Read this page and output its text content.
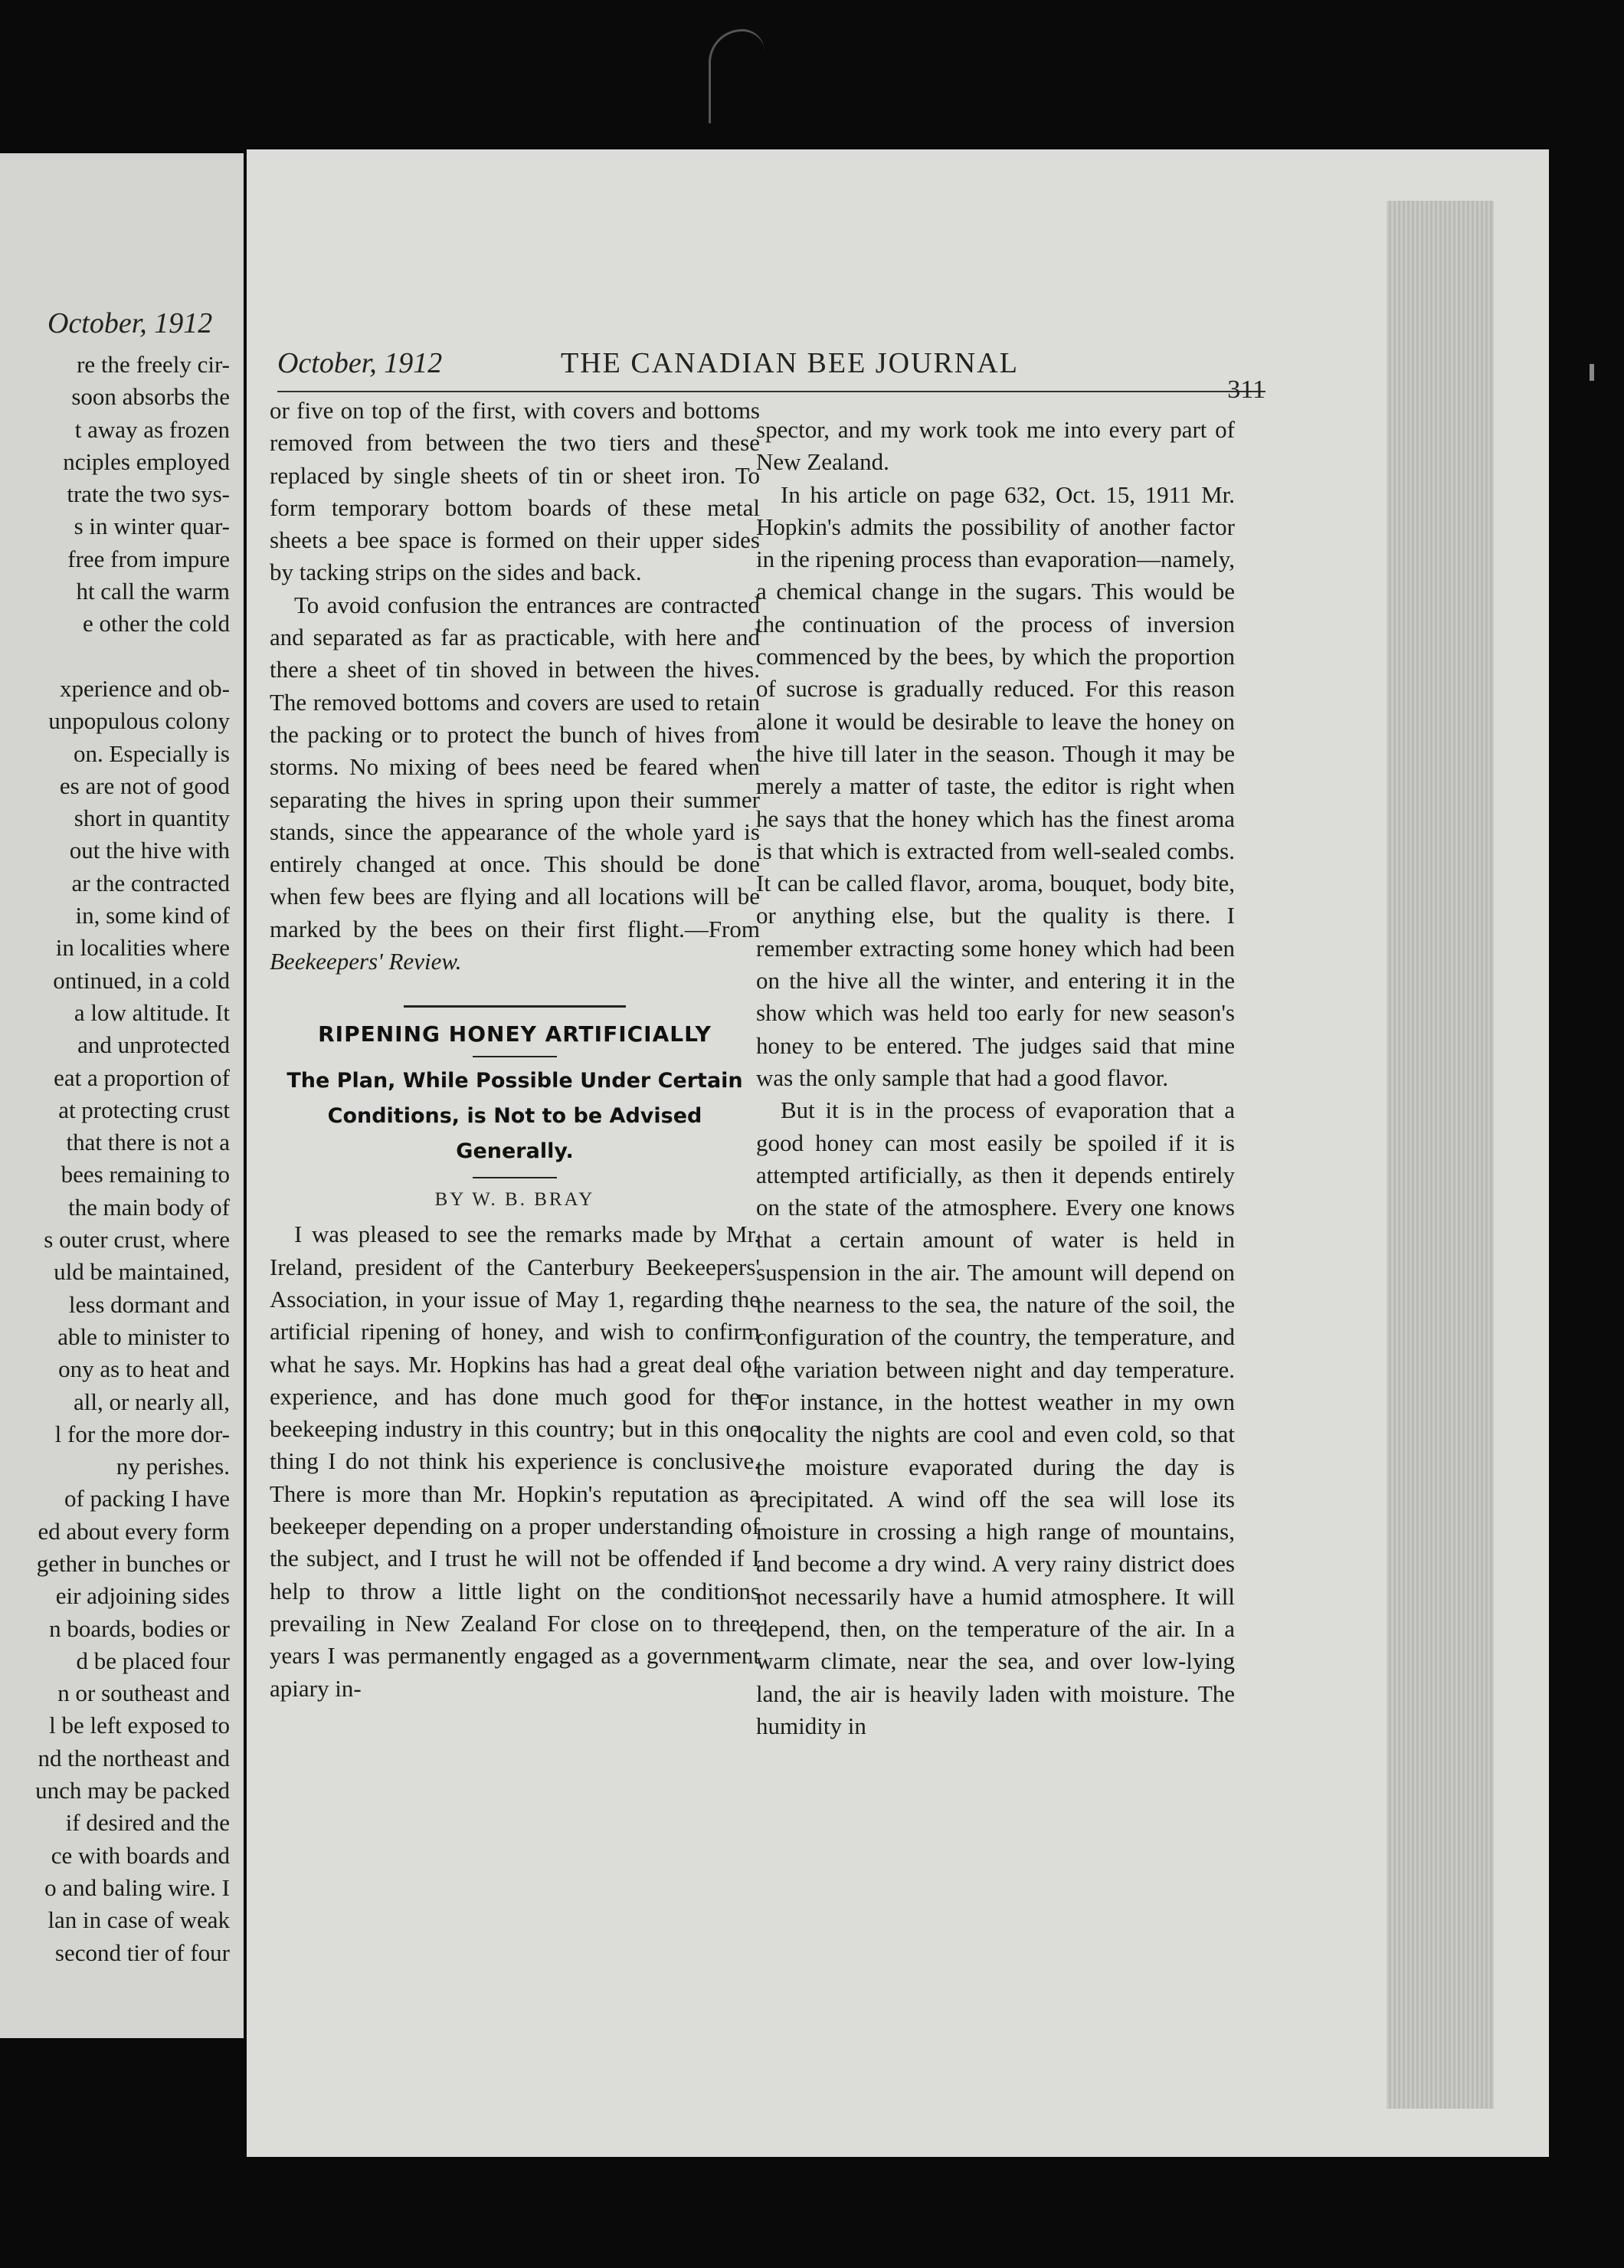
October, 1912
re the freely cir-
soon absorbs the
t away as frozen
nciples employed
trate the two sys-
s in winter quar-
free from impure
ht call the warm
e other the cold

xperience and ob-
unpopulous colony
on. Especially is
es are not of good
short in quantity
out the hive with
ar the contracted
in, some kind of
in localities where
ontinued, in a cold
a low altitude. It
and unprotected
eat a proportion of
at protecting crust
that there is not a
bees remaining to
the main body of
s outer crust, where
uld be maintained,
less dormant and
able to minister to
ony as to heat and
all, or nearly all,
l for the more dor-
ny perishes.
of packing I have
ed about every form
gether in bunches or
eir adjoining sides
n boards, bodies or
d be placed four
n or southeast and
l be left exposed to
nd the northeast and
unch may be packed
if desired and the
ce with boards and
o and baling wire. I
lan in case of weak
second tier of four
October, 1912	THE CANADIAN BEE JOURNAL
311

or five on top of the first, with covers and bottoms removed from between the two tiers and these replaced by single sheets of tin or sheet iron. To form temporary bottom boards of these metal sheets a bee space is formed on their upper sides by tacking strips on the sides and back.

To avoid confusion the entrances are contracted and separated as far as practicable, with here and there a sheet of tin shoved in between the hives. The removed bottoms and covers are used to retain the packing or to protect the bunch of hives from storms. No mixing of bees need be feared when separating the hives in spring upon their summer stands, since the appearance of the whole yard is entirely changed at once. This should be done when few bees are flying and all locations will be marked by the bees on their first flight.—From Beekeepers' Review.

RIPENING HONEY ARTIFICIALLY
The Plan, While Possible Under Certain Conditions, is Not to be Advised Generally.
BY W. B. BRAY

I was pleased to see the remarks made by Mr. Ireland, president of the Canterbury Beekeepers' Association, in your issue of May 1, regarding the artificial ripening of honey, and wish to confirm what he says. Mr. Hopkins has had a great deal of experience, and has done much good for the beekeeping industry in this country; but in this one thing I do not think his experience is conclusive. There is more than Mr. Hopkin's reputation as a beekeeper depending on a proper understanding of the subject, and I trust he will not be offended if I help to throw a little light on the conditions prevailing in New Zealand For close on to three years I was permanently engaged as a government apiary in-

spector, and my work took me into every part of New Zealand.

In his article on page 632, Oct. 15, 1911 Mr. Hopkin's admits the possibility of another factor in the ripening process than evaporation—namely, a chemical change in the sugars. This would be the continuation of the process of inversion commenced by the bees, by which the proportion of sucrose is gradually reduced. For this reason alone it would be desirable to leave the honey on the hive till later in the season. Though it may be merely a matter of taste, the editor is right when he says that the honey which has the finest aroma is that which is extracted from well-sealed combs. It can be called flavor, aroma, bouquet, body bite, or anything else, but the quality is there. I remember extracting some honey which had been on the hive all the winter, and entering it in the show which was held too early for new season's honey to be entered. The judges said that mine was the only sample that had a good flavor.

But it is in the process of evaporation that a good honey can most easily be spoiled if it is attempted artificially, as then it depends entirely on the state of the atmosphere. Every one knows that a certain amount of water is held in suspension in the air. The amount will depend on the nearness to the sea, the nature of the soil, the configuration of the country, the temperature, and the variation between night and day temperature. For instance, in the hottest weather in my own locality the nights are cool and even cold, so that the moisture evaporated during the day is precipitated. A wind off the sea will lose its moisture in crossing a high range of mountains, and become a dry wind. A very rainy district does not necessarily have a humid atmosphere. It will depend, then, on the temperature of the air. In a warm climate, near the sea, and over low-lying land, the air is heavily laden with moisture. The humidity in
